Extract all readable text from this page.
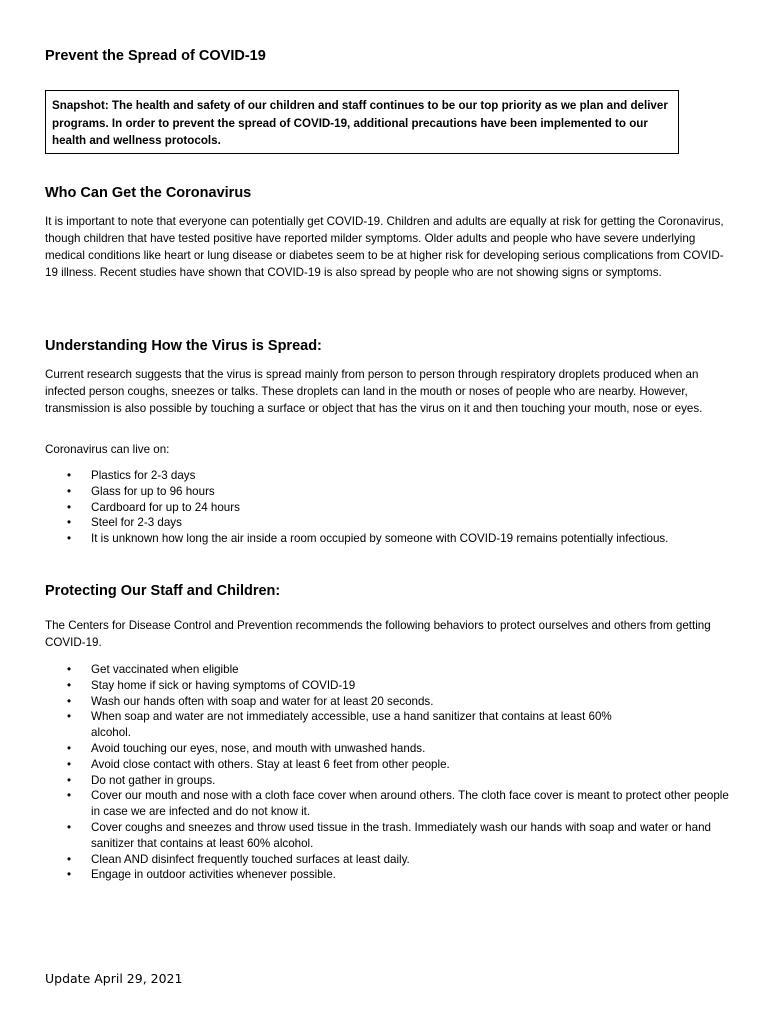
Prevent the Spread of COVID-19
Snapshot: The health and safety of our children and staff continues to be our top priority as we plan and deliver programs. In order to prevent the spread of COVID-19, additional precautions have been implemented to our health and wellness protocols.
Who Can Get the Coronavirus

It is important to note that everyone can potentially get COVID-19. Children and adults are equally at risk for getting the Coronavirus, though children that have tested positive have reported milder symptoms. Older adults and people who have severe underlying medical conditions like heart or lung disease or diabetes seem to be at higher risk for developing serious complications from COVID-19 illness. Recent studies have shown that COVID-19 is also spread by people who are not showing signs or symptoms.

Understanding How the Virus is Spread:

Current research suggests that the virus is spread mainly from person to person through respiratory droplets produced when an infected person coughs, sneezes or talks. These droplets can land in the mouth or noses of people who are nearby. However, transmission is also possible by touching a surface or object that has the virus on it and then touching your mouth, nose or eyes.

Coronavirus can live on:

• Plastics for 2-3 days
• Glass for up to 96 hours
• Cardboard for up to 24 hours
• Steel for 2-3 days
• It is unknown how long the air inside a room occupied by someone with COVID-19 remains potentially infectious.
Protecting Our Staff and Children:

The Centers for Disease Control and Prevention recommends the following behaviors to protect ourselves and others from getting COVID-19.

• Get vaccinated when eligible
• Stay home if sick or having symptoms of COVID-19
• Wash our hands often with soap and water for at least 20 seconds.
• When soap and water are not immediately accessible, use a hand sanitizer that contains at least 60% alcohol.
• Avoid touching our eyes, nose, and mouth with unwashed hands.
• Avoid close contact with others. Stay at least 6 feet from other people.
• Do not gather in groups.
• Cover our mouth and nose with a cloth face cover when around others. The cloth face cover is meant to protect other people in case we are infected and do not know it.
• Cover coughs and sneezes and throw used tissue in the trash. Immediately wash our hands with soap and water or hand sanitizer that contains at least 60% alcohol.
• Clean AND disinfect frequently touched surfaces at least daily.
• Engage in outdoor activities whenever possible.
Update April 29, 2021
